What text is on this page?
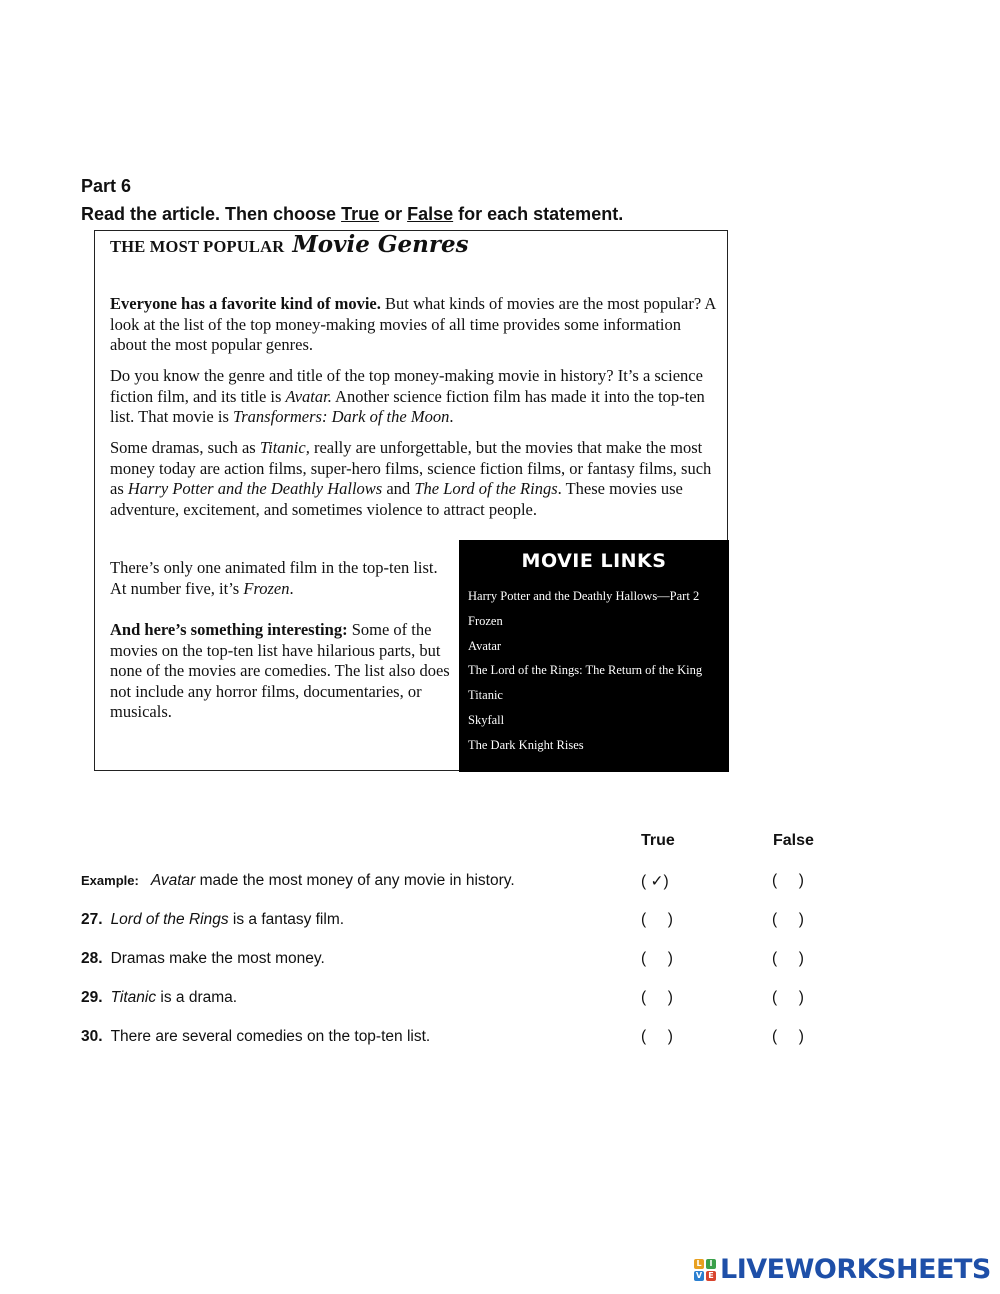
Part 6
Read the article. Then choose True or False for each statement.
THE MOST POPULAR Movie Genres

Everyone has a favorite kind of movie. But what kinds of movies are the most popular? A look at the list of the top money-making movies of all time provides some information about the most popular genres.

Do you know the genre and title of the top money-making movie in history? It’s a science fiction film, and its title is Avatar. Another science fiction film has made it into the top-ten list. That movie is Transformers: Dark of the Moon.

Some dramas, such as Titanic, really are unforgettable, but the movies that make the most money today are action films, super-hero films, science fiction films, or fantasy films, such as Harry Potter and the Deathly Hallows and The Lord of the Rings. These movies use adventure, excitement, and sometimes violence to attract people.

There’s only one animated film in the top-ten list. At number five, it’s Frozen.

And here’s something interesting: Some of the movies on the top-ten list have hilarious parts, but none of the movies are comedies. The list also does not include any horror films, documentaries, or musicals.

MOVIE LINKS
Harry Potter and the Deathly Hallows—Part 2
Frozen
Avatar
The Lord of the Rings: The Return of the King
Titanic
Skyfall
The Dark Knight Rises
True	False
Example: Avatar made the most money of any movie in history.	( ✓)	(     )
27. Lord of the Rings is a fantasy film.	(     )	(     )
28. Dramas make the most money.	(     )	(     )
29. Titanic is a drama.	(     )	(     )
30. There are several comedies on the top-ten list.	(     )	(     )
L I
V E LIVEWORKSHEETS
